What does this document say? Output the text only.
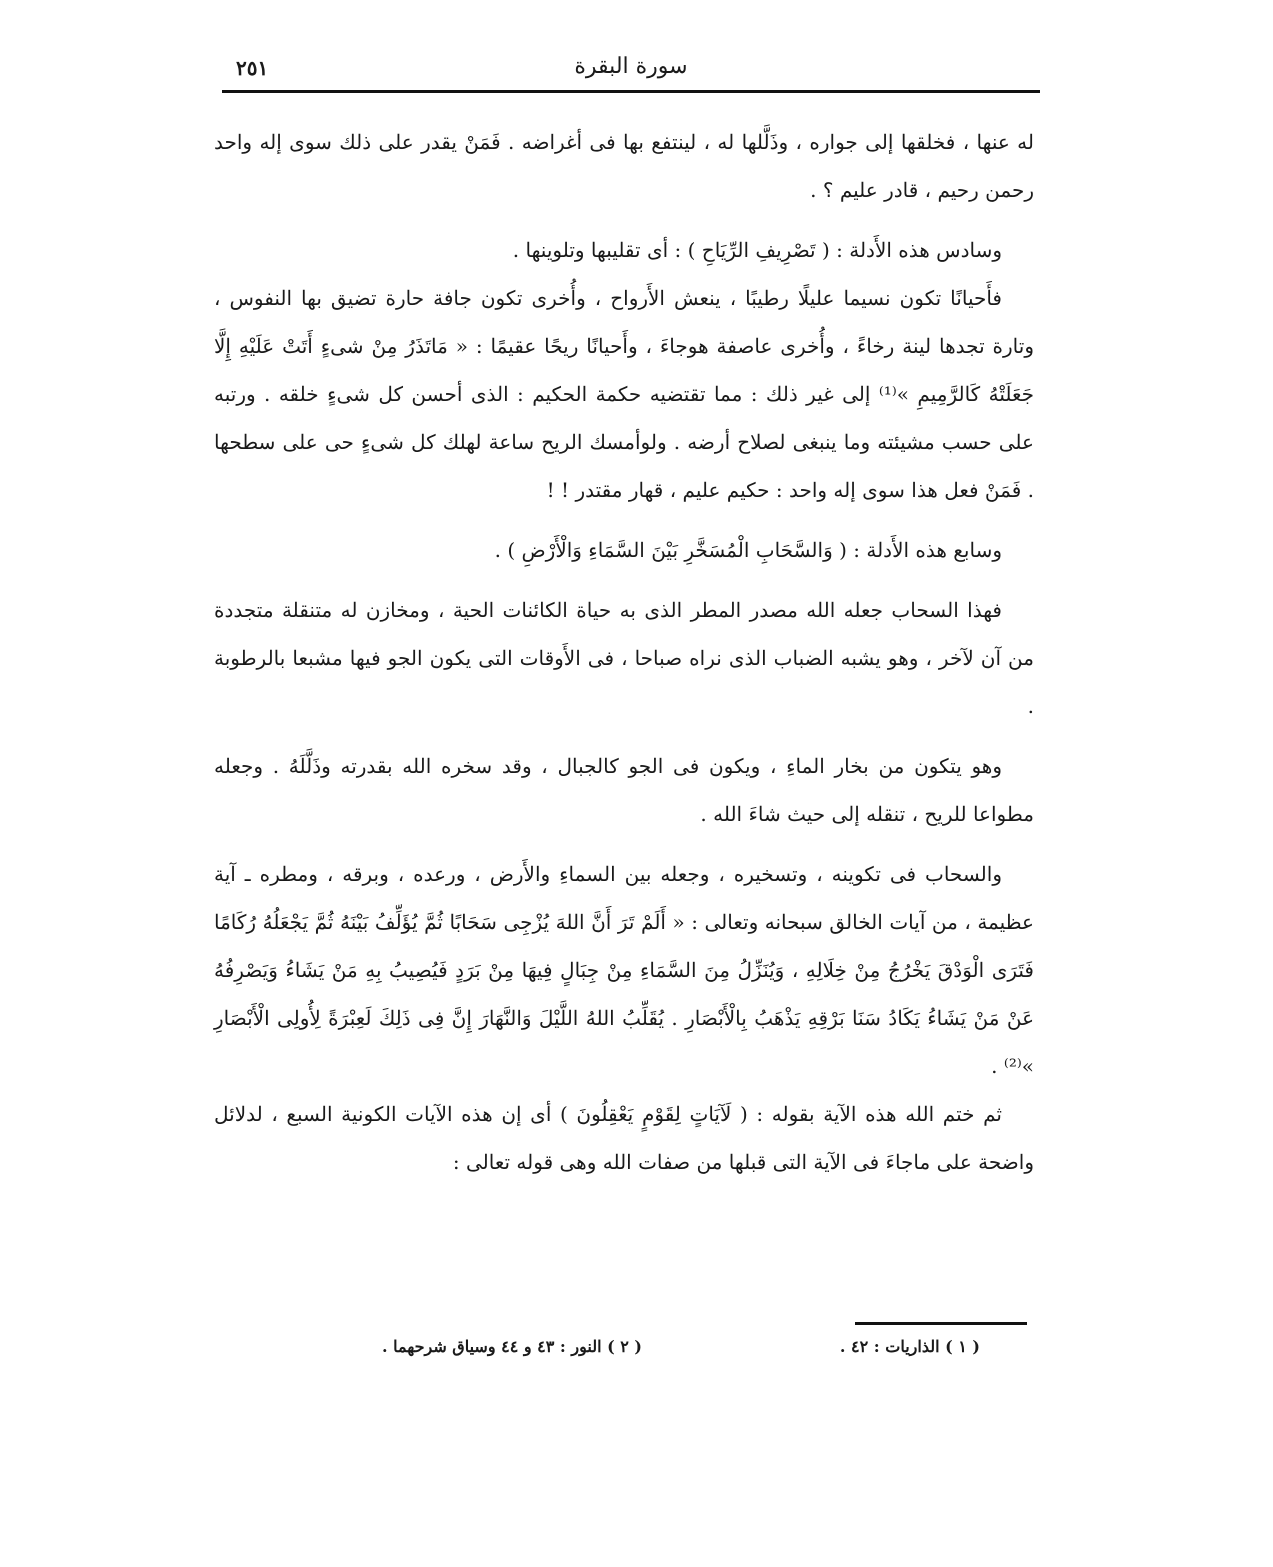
سورة البقرة
٢٥١

له عنها ، فخلقها إلى جواره ، وذَلَّلها له ، لينتفع بها فى أغراضه . فَمَنْ يقدر على ذلك سوى إله واحد رحمن رحيم ، قادر عليم ؟ .

وسادس هذه الأَدلة : ( تَصْرِيفِ الرِّيَاحِ ) : أى تقليبها وتلوينها .

فأَحيانًا تكون نسيما عليلًا رطيبًا ، ينعش الأَرواح ، وأُخرى تكون جافة حارة تضيق بها النفوس ، وتارة تجدها لينة رخاءً ، وأُخرى عاصفة هوجاءَ ، وأَحيانًا ريحًا عقيمًا : « مَاتَذَرُ مِنْ شىءٍ أَتَتْ عَلَيْهِ إِلَّا جَعَلَتْهُ كَالرَّمِيمِ »⁽¹⁾ إلى غير ذلك : مما تقتضيه حكمة الحكيم : الذى أحسن كل شىءٍ خلقه . ورتبه على حسب مشيئته وما ينبغى لصلاح أرضه . ولوأمسك الريح ساعة لهلك كل شىءٍ حى على سطحها . فَمَنْ فعل هذا سوى إله واحد : حكيم عليم ، قهار مقتدر ! !

وسابع هذه الأَدلة : ( وَالسَّحَابِ الْمُسَخَّرِ بَيْنَ السَّمَاءِ وَالْأَرْضِ ) .

فهذا السحاب جعله الله مصدر المطر الذى به حياة الكائنات الحية ، ومخازن له متنقلة متجددة من آن لآخر ، وهو يشبه الضباب الذى نراه صباحا ، فى الأَوقات التى يكون الجو فيها مشبعا بالرطوبة .

وهو يتكون من بخار الماءِ ، ويكون فى الجو كالجبال ، وقد سخره الله بقدرته وذَلَّلَهُ . وجعله مطواعا للريح ، تنقله إلى حيث شاءَ الله .

والسحاب فى تكوينه ، وتسخيره ، وجعله بين السماءِ والأَرض ، ورعده ، وبرقه ، ومطره ـ آية عظيمة ، من آيات الخالق سبحانه وتعالى : « أَلَمْ تَرَ أَنَّ اللهَ يُزْجِى سَحَابًا ثُمَّ يُؤَلِّفُ بَيْنَهُ ثُمَّ يَجْعَلُهُ رُكَامًا فَتَرَى الْوَدْقَ يَخْرُجُ مِنْ خِلَالِهِ ، وَيُنَزِّلُ مِنَ السَّمَاءِ مِنْ جِبَالٍ فِيهَا مِنْ بَرَدٍ فَيُصِيبُ بِهِ مَنْ يَشَاءُ وَيَصْرِفُهُ عَنْ مَنْ يَشَاءُ يَكَادُ سَنَا بَرْقِهِ يَذْهَبُ بِالْأَبْصَارِ . يُقَلِّبُ اللهُ اللَّيْلَ وَالنَّهَارَ إِنَّ فِى ذَلِكَ لَعِبْرَةً لِأُولِى الْأَبْصَارِ »⁽²⁾ .

ثم ختم الله هذه الآية بقوله : ( لَآيَاتٍ لِقَوْمٍ يَعْقِلُونَ ) أى إن هذه الآيات الكونية السبع ، لدلائل واضحة على ماجاءَ فى الآية التى قبلها من صفات الله وهى قوله تعالى :

( ١ ) الذاريات : ٤٢ .
( ٢ ) النور : ٤٣ و ٤٤ وسياق شرحهما .
